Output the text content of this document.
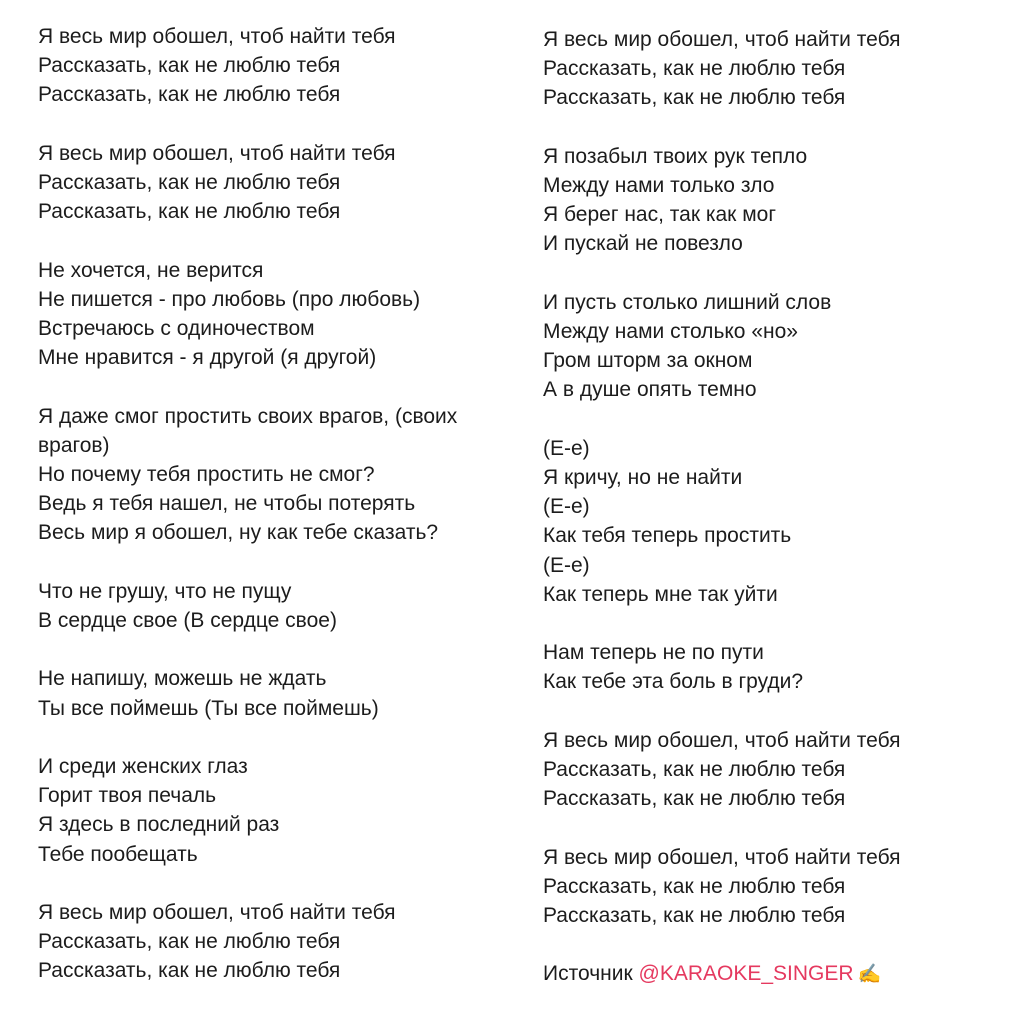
Я весь мир обошел, чтоб найти тебя
Рассказать, как не люблю тебя
Рассказать, как не люблю тебя
Я весь мир обошел, чтоб найти тебя
Рассказать, как не люблю тебя
Рассказать, как не люблю тебя
Не хочется, не верится
Не пишется - про любовь (про любовь)
Встречаюсь с одиночеством
Мне нравится - я другой (я другой)
Я даже смог простить своих врагов, (своих врагов)
Но почему тебя простить не смог?
Ведь я тебя нашел, не чтобы потерять
Весь мир я обошел, ну как тебе сказать?
Что не грушу, что не пущу
В сердце свое (В сердце свое)
Не напишу, можешь не ждать
Ты все поймешь (Ты все поймешь)
И среди женских глаз
Горит твоя печаль
Я здесь в последний раз
Тебе пообещать
Я весь мир обошел, чтоб найти тебя
Рассказать, как не люблю тебя
Рассказать, как не люблю тебя
Я весь мир обошел, чтоб найти тебя
Рассказать, как не люблю тебя
Рассказать, как не люблю тебя
Я позабыл твоих рук тепло
Между нами только зло
Я берег нас, так как мог
И пускай не повезло
И пусть столько лишний слов
Между нами столько «но»
Гром шторм за окном
А в душе опять темно
(Е-е)
Я кричу, но не найти
(Е-е)
Как тебя теперь простить
(Е-е)
Как теперь мне так уйти
Нам теперь не по пути
Как тебе эта боль в груди?
Я весь мир обошел, чтоб найти тебя
Рассказать, как не люблю тебя
Рассказать, как не люблю тебя
Я весь мир обошел, чтоб найти тебя
Рассказать, как не люблю тебя
Рассказать, как не люблю тебя
Источник @KARAOKE_SINGER ✍
